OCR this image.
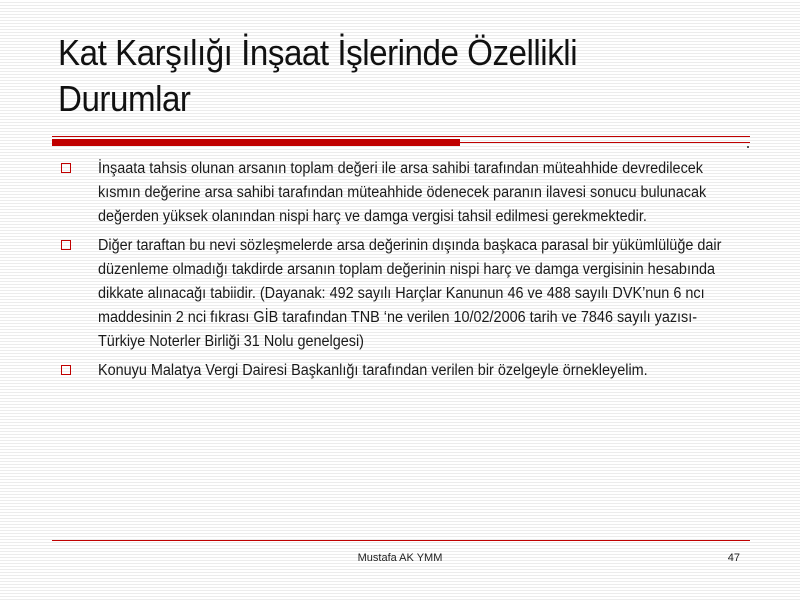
Kat Karşılığı İnşaat İşlerinde Özellikli
Durumlar
İnşaata tahsis olunan arsanın toplam değeri ile arsa sahibi tarafından müteahhide devredilecek kısmın değerine arsa sahibi tarafından müteahhide ödenecek paranın ilavesi sonucu bulunacak değerden yüksek olanından nispi harç ve damga vergisi tahsil edilmesi gerekmektedir.
Diğer taraftan bu nevi sözleşmelerde arsa değerinin dışında başkaca parasal bir yükümlülüğe dair düzenleme olmadığı takdirde arsanın toplam değerinin nispi harç ve damga vergisinin hesabında dikkate alınacağı tabiidir. (Dayanak: 492 sayılı Harçlar Kanunun 46 ve 488 sayılı DVK’nun 6 ncı maddesinin 2 nci fıkrası GİB tarafından TNB ‘ne verilen 10/02/2006 tarih ve 7846 sayılı yazısı-Türkiye Noterler Birliği 31 Nolu genelgesi)
Konuyu Malatya Vergi Dairesi Başkanlığı tarafından verilen bir özelgeyle örnekleyelim.
Mustafa AK YMM	47
